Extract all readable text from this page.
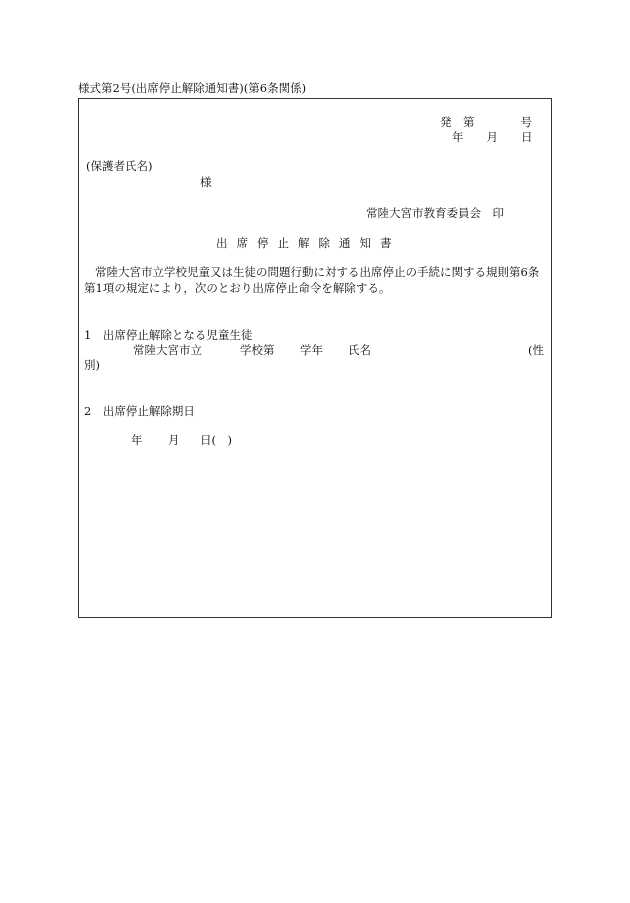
様式第2号(出席停止解除通知書)(第6条関係)

発　第　　　　号

年　　月　　日

(保護者氏名)

様

常陸大宮市教育委員会　印

出席停止解除通知書

常陸大宮市立学校児童又は生徒の問題行動に対する出席停止の手続に関する規則第6条第1項の規定により，次のとおり出席停止命令を解除する。

1　出席停止解除となる児童生徒

常陸大宮市立	学校第 学年 氏名	(性

別)

2　出席停止解除期日

年 月 日(　)
